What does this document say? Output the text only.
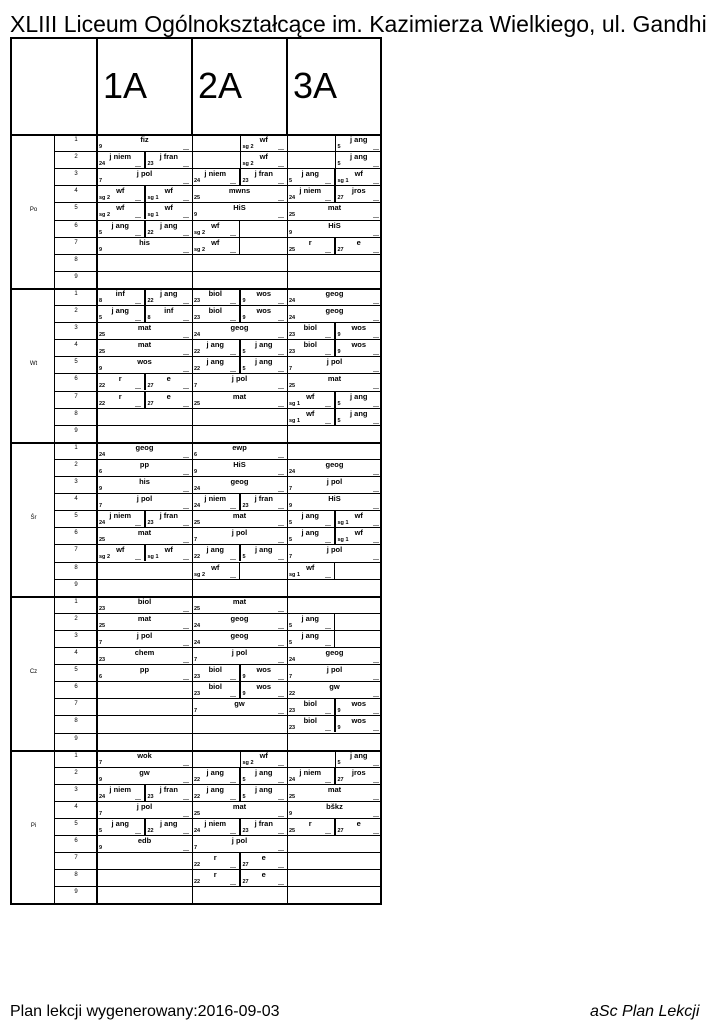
XLIII Liceum Ogólnokształcące im. Kazimierza Wielkiego, ul. Gandhi
1A 2A 3A
Po
1
2
3
4
5
6
7
8
9
Wt
1
2
3
4
5
6
7
8
9
Śr
1
2
3
4
5
6
7
8
9
Cz
1
2
3
4
5
6
7
8
9
Pi
1
2
3
4
5
6
7
8
9
fiz
9
wf
sg 2
j ang
5
j niem
24
j fran
23
wf
sg 2
j ang
5
j pol
7
j niem
24
j fran
23
j ang
5
wf
sg 1
wf
sg 2
wf
sg 1
mwns
25
j niem
24
jros
27
wf
sg 2
wf
sg 1
HiS
9
mat
25
j ang
5
j ang
22
wf
sg 2
HiS
9
his
9
wf
sg 2
r
25
e
27
inf
8
j ang
22
biol
23
wos
9
geog
24
j ang
5
inf
8
biol
23
wos
9
geog
24
mat
25
geog
24
biol
23
wos
9
mat
25
j ang
22
j ang
5
biol
23
wos
9
wos
9
j ang
22
j ang
5
j pol
7
r
22
e
27
j pol
7
mat
25
r
22
e
27
mat
25
wf
sg 1
j ang
5
wf
sg 1
j ang
5
geog
24
ewp
6
pp
6
HiS
9
geog
24
his
9
geog
24
j pol
7
j pol
7
j niem
24
j fran
23
HiS
9
j niem
24
j fran
23
mat
25
j ang
5
wf
sg 1
mat
25
j pol
7
j ang
5
wf
sg 1
wf
sg 2
wf
sg 1
j ang
22
j ang
5
j pol
7
wf
sg 2
wf
sg 1
biol
23
mat
25
mat
25
geog
24
j ang
5
j pol
7
geog
24
j ang
5
chem
23
j pol
7
geog
24
pp
6
biol
23
wos
9
j pol
7
biol
23
wos
9
gw
22
gw
7
biol
23
wos
9
biol
23
wos
9
wok
7
wf
sg 2
j ang
5
gw
9
j ang
22
j ang
5
j niem
24
jros
27
j niem
24
j fran
23
j ang
22
j ang
5
mat
25
j pol
7
mat
25
bškz
9
j ang
5
j ang
22
j niem
24
j fran
23
r
25
e
27
edb
9
j pol
7
r
22
e
27
r
22
e
27
Plan lekcji wygenerowany:2016-09-03	aSc Plan Lekcji
